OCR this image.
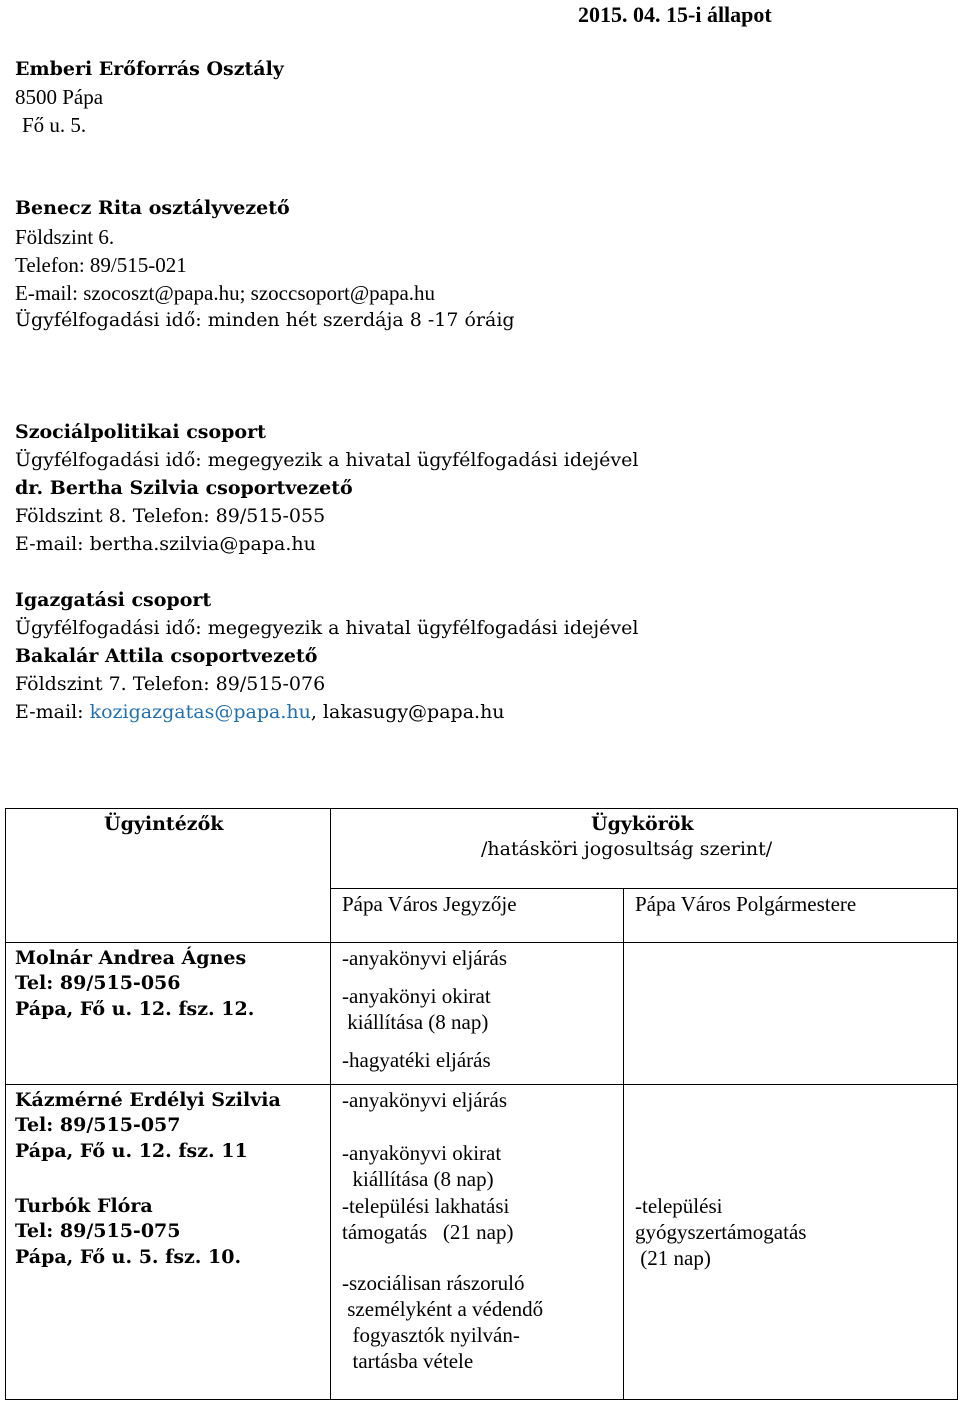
2015. 04. 15-i állapot
Emberi Erőforrás Osztály
8500 Pápa
Fő u. 5.
Benecz Rita osztályvezető
Földszint 6.
Telefon: 89/515-021
E-mail: szocoszt@papa.hu; szoccsoport@papa.hu
Ügyfélfogadási idő: minden hét szerdája 8 -17 óráig
Szociálpolitikai csoport
Ügyfélfogadási idő: megegyezik a hivatal ügyfélfogadási idejével
dr. Bertha Szilvia csoportvezető
Földszint 8. Telefon: 89/515-055
E-mail: bertha.szilvia@papa.hu
Igazgatási csoport
Ügyfélfogadási idő: megegyezik a hivatal ügyfélfogadási idejével
Bakalár Attila csoportvezető
Földszint 7. Telefon: 89/515-076
E-mail: kozigazgatas@papa.hu, lakasugy@papa.hu
Ügyintézők	Ügykörök
/hatásköri jogosultság szerint/
Pápa Város Jegyzője	Pápa Város Polgármestere
Molnár Andrea Ágnes
Tel: 89/515-056
Pápa, Fő u. 12. fsz. 12.
-anyakönyvi eljárás
-anyakönyi okirat
kiállítása (8 nap)
-hagyatéki eljárás
Kázmérné Erdélyi Szilvia
Tel: 89/515-057
Pápa, Fő u. 12. fsz. 11
-anyakönyvi eljárás
-anyakönyvi okirat
kiállítása (8 nap)
Turbók Flóra
Tel: 89/515-075
Pápa, Fő u. 5. fsz. 10.
-települési lakhatási
támogatás   (21 nap)
-szociálisan rászoruló
személyként a védendő
fogyasztók nyilván-
tartásba vétele
-települési
gyógyszertámogatás
(21 nap)
